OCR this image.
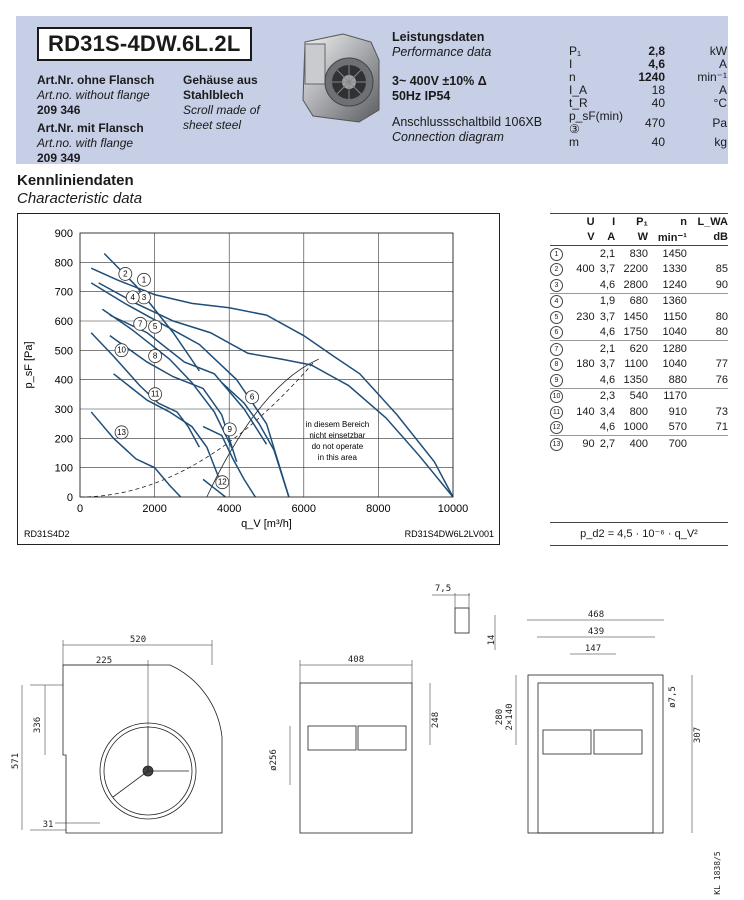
RD31S-4DW.6L.2L
Art.Nr. ohne Flansch
Art.no. without flange
209 346
Art.Nr. mit Flansch
Art.no. with flange
209 349
Gehäuse aus
Stahlblech
Scroll made of
sheet steel
Leistungsdaten
Performance data
3~ 400V ±10% Δ
50Hz IP54
Anschlussschaltbild 106XB
Connection diagram
P₁	2,8	kW
I	4,6	A
n	1240	min⁻¹
I_A	18	A
t_R	40	°C
p_sF(min) ③	470	Pa
m	40	kg
Kennliniendaten
Characteristic data
0	2000	4000	6000	8000	10000
0
100
200
300
400
500
600
700
800
900
p_sF [Pa]
q_V [m³/h]
RD31S4D2	RD31S4DW6L2LV001
in diesem Bereich
nicht einsetzbar
do not operate
in this area
1
2
3
4
5
6
7
8
9
10
11
12
13
	U	I	P₁	n	L_WA
	V	A	W	min⁻¹	dB
1		2,1	830	1450	
2	400	3,7	2200	1330	85
3		4,6	2800	1240	90
4		1,9	680	1360	
5	230	3,7	1450	1150	80
6		4,6	1750	1040	80
7		2,1	620	1280	
8	180	3,7	1100	1040	77
9		4,6	1350	880	76
10		2,3	540	1170	
11	140	3,4	800	910	73
12		4,6	1000	570	71
13	90	2,7	400	700	
p_d2 = 4,5 · 10⁻⁶ · q_V²
520
225
336
571
31
408
248
ø256
7,5
14
468
439
147
280 2×140
ø7,5
307
KL 1838/5
